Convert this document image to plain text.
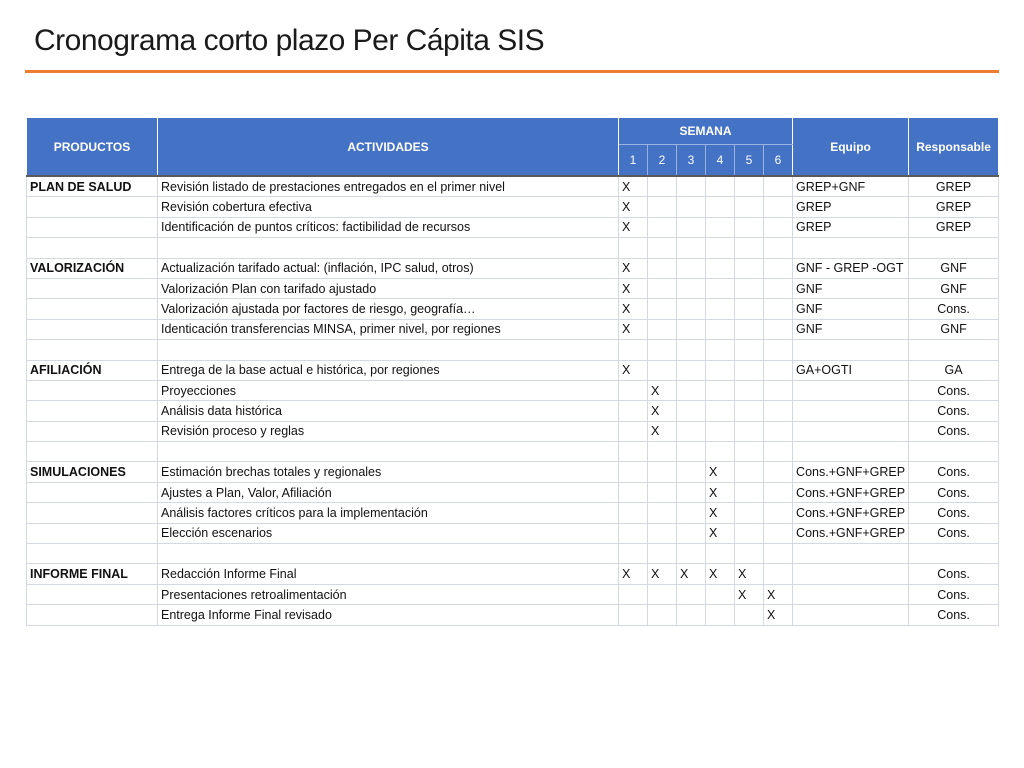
Cronograma corto plazo Per Cápita SIS
PRODUCTOS	ACTIVIDADES	SEMANA						Equipo	Responsable
		1	2	3	4	5	6		
PLAN DE SALUD	Revisión listado de prestaciones entregados en el primer nivel	X						GREP+GNF	GREP
	Revisión cobertura efectiva	X						GREP	GREP
	Identificación de puntos críticos: factibilidad de recursos	X						GREP	GREP

VALORIZACIÓN	Actualización tarifado actual: (inflación, IPC salud, otros)	X						GNF - GREP -OGT	GNF
	Valorización Plan con tarifado ajustado	X						GNF	GNF
	Valorización ajustada por factores de riesgo, geografía…	X						GNF	Cons.
	Identicación transferencias MINSA, primer nivel, por regiones	X						GNF	GNF

AFILIACIÓN	Entrega de la base actual e histórica, por regiones	X						GA+OGTI	GA
	Proyecciones		X						Cons.
	Análisis data histórica		X						Cons.
	Revisión proceso y reglas		X						Cons.

SIMULACIONES	Estimación brechas totales y regionales				X			Cons.+GNF+GREP	Cons.
	Ajustes a Plan, Valor, Afiliación				X			Cons.+GNF+GREP	Cons.
	Análisis factores críticos para la implementación				X			Cons.+GNF+GREP	Cons.
	Elección escenarios				X			Cons.+GNF+GREP	Cons.

INFORME FINAL	Redacción Informe Final	X	X	X	X	X			Cons.
	Presentaciones retroalimentación					X	X		Cons.
	Entrega Informe Final revisado						X		Cons.
